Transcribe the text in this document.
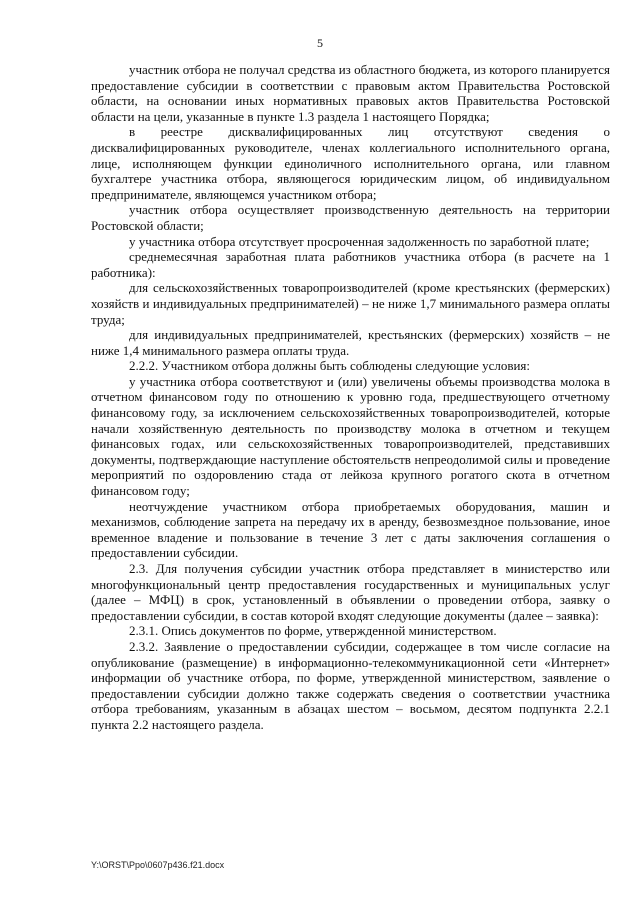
5

участник отбора не получал средства из областного бюджета, из которого планируется предоставление субсидии в соответствии с правовым актом Правительства Ростовской области, на основании иных нормативных правовых актов Правительства Ростовской области на цели, указанные в пункте 1.3 раздела 1 настоящего Порядка;

в реестре дисквалифицированных лиц отсутствуют сведения о дисквалифицированных руководителе, членах коллегиального исполнительного органа, лице, исполняющем функции единоличного исполнительного органа, или главном бухгалтере участника отбора, являющегося юридическим лицом, об индивидуальном предпринимателе, являющемся участником отбора;

участник отбора осуществляет производственную деятельность на территории Ростовской области;

у участника отбора отсутствует просроченная задолженность по заработной плате;

среднемесячная заработная плата работников участника отбора (в расчете на 1 работника):

для сельскохозяйственных товаропроизводителей (кроме крестьянских (фермерских) хозяйств и индивидуальных предпринимателей) – не ниже 1,7 минимального размера оплаты труда;

для индивидуальных предпринимателей, крестьянских (фермерских) хозяйств – не ниже 1,4 минимального размера оплаты труда.

2.2.2. Участником отбора должны быть соблюдены следующие условия:

у участника отбора соответствуют и (или) увеличены объемы производства молока в отчетном финансовом году по отношению к уровню года, предшествующего отчетному финансовому году, за исключением сельскохозяйственных товаропроизводителей, которые начали хозяйственную деятельность по производству молока в отчетном и текущем финансовых годах, или сельскохозяйственных товаропроизводителей, представивших документы, подтверждающие наступление обстоятельств непреодолимой силы и проведение мероприятий по оздоровлению стада от лейкоза крупного рогатого скота в отчетном финансовом году;

неотчуждение участником отбора приобретаемых оборудования, машин и механизмов, соблюдение запрета на передачу их в аренду, безвозмездное пользование, иное временное владение и пользование в течение 3 лет с даты заключения соглашения о предоставлении субсидии.

2.3. Для получения субсидии участник отбора представляет в министерство или многофункциональный центр предоставления государственных и муниципальных услуг (далее – МФЦ) в срок, установленный в объявлении о проведении отбора, заявку о предоставлении субсидии, в состав которой входят следующие документы (далее – заявка):

2.3.1. Опись документов по форме, утвержденной министерством.

2.3.2. Заявление о предоставлении субсидии, содержащее в том числе согласие на опубликование (размещение) в информационно-телекоммуникационной сети «Интернет» информации об участнике отбора, по форме, утвержденной министерством, заявление о предоставлении субсидии должно также содержать сведения о соответствии участника отбора требованиям, указанным в абзацах шестом – восьмом, десятом подпункта 2.2.1 пункта 2.2 настоящего раздела.

Y:\ORST\Ppo\0607p436.f21.docx
